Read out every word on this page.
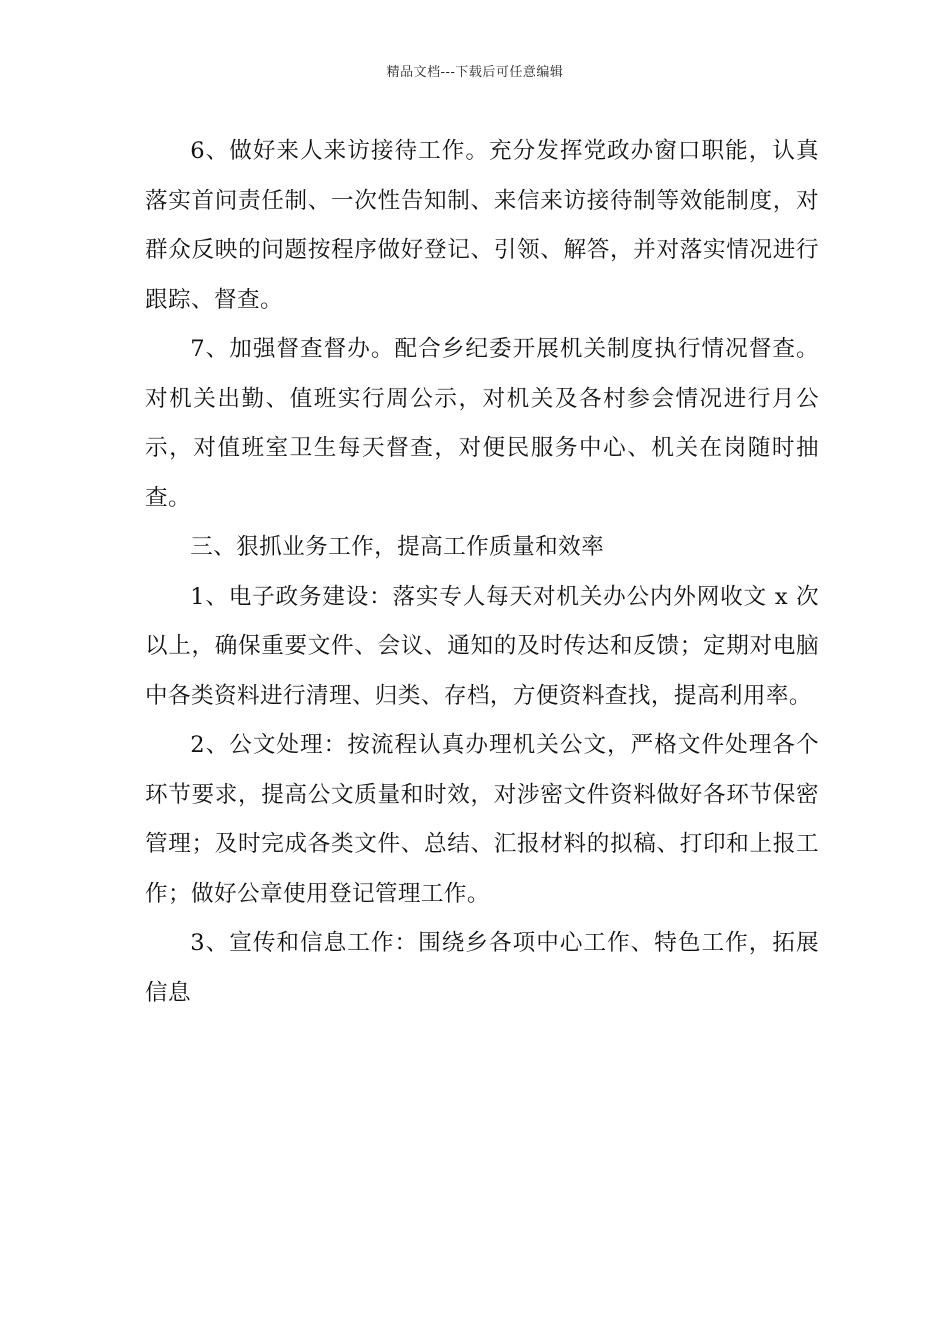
精品文档---下载后可任意编辑

6、做好来人来访接待工作。充分发挥党政办窗口职能，认真落实首问责任制、一次性告知制、来信来访接待制等效能制度，对群众反映的问题按程序做好登记、引领、解答，并对落实情况进行跟踪、督查。

7、加强督查督办。配合乡纪委开展机关制度执行情况督查。对机关出勤、值班实行周公示，对机关及各村参会情况进行月公示，对值班室卫生每天督查，对便民服务中心、机关在岗随时抽查。

三、狠抓业务工作，提高工作质量和效率

1、电子政务建设：落实专人每天对机关办公内外网收文 x 次以上，确保重要文件、会议、通知的及时传达和反馈；定期对电脑中各类资料进行清理、归类、存档，方便资料查找，提高利用率。

2、公文处理：按流程认真办理机关公文，严格文件处理各个环节要求，提高公文质量和时效，对涉密文件资料做好各环节保密管理；及时完成各类文件、总结、汇报材料的拟稿、打印和上报工作；做好公章使用登记管理工作。

3、宣传和信息工作：围绕乡各项中心工作、特色工作，拓展信息
